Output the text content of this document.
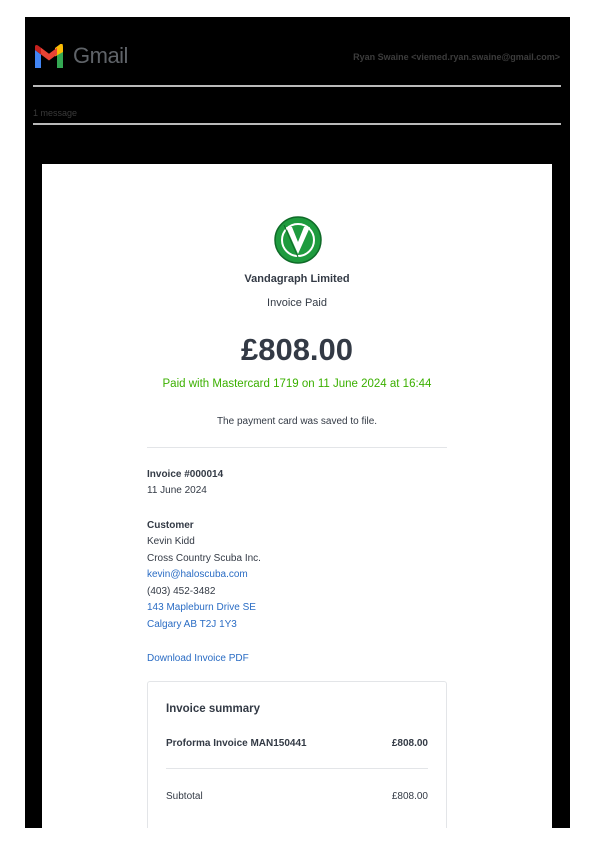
Gmail	Ryan Swaine <viemed.ryan.swaine@gmail.com>
1 message
Vandagraph Limited
Invoice Paid
£808.00
Paid with Mastercard 1719 on 11 June 2024 at 16:44
The payment card was saved to file.
Invoice #000014
11 June 2024
Customer
Kevin Kidd
Cross Country Scuba Inc.
kevin@haloscuba.com
(403) 452-3482
143 Mapleburn Drive SE
Calgary AB T2J 1Y3
Download Invoice PDF
Invoice summary
Proforma Invoice MAN150441	£808.00
Subtotal	£808.00
